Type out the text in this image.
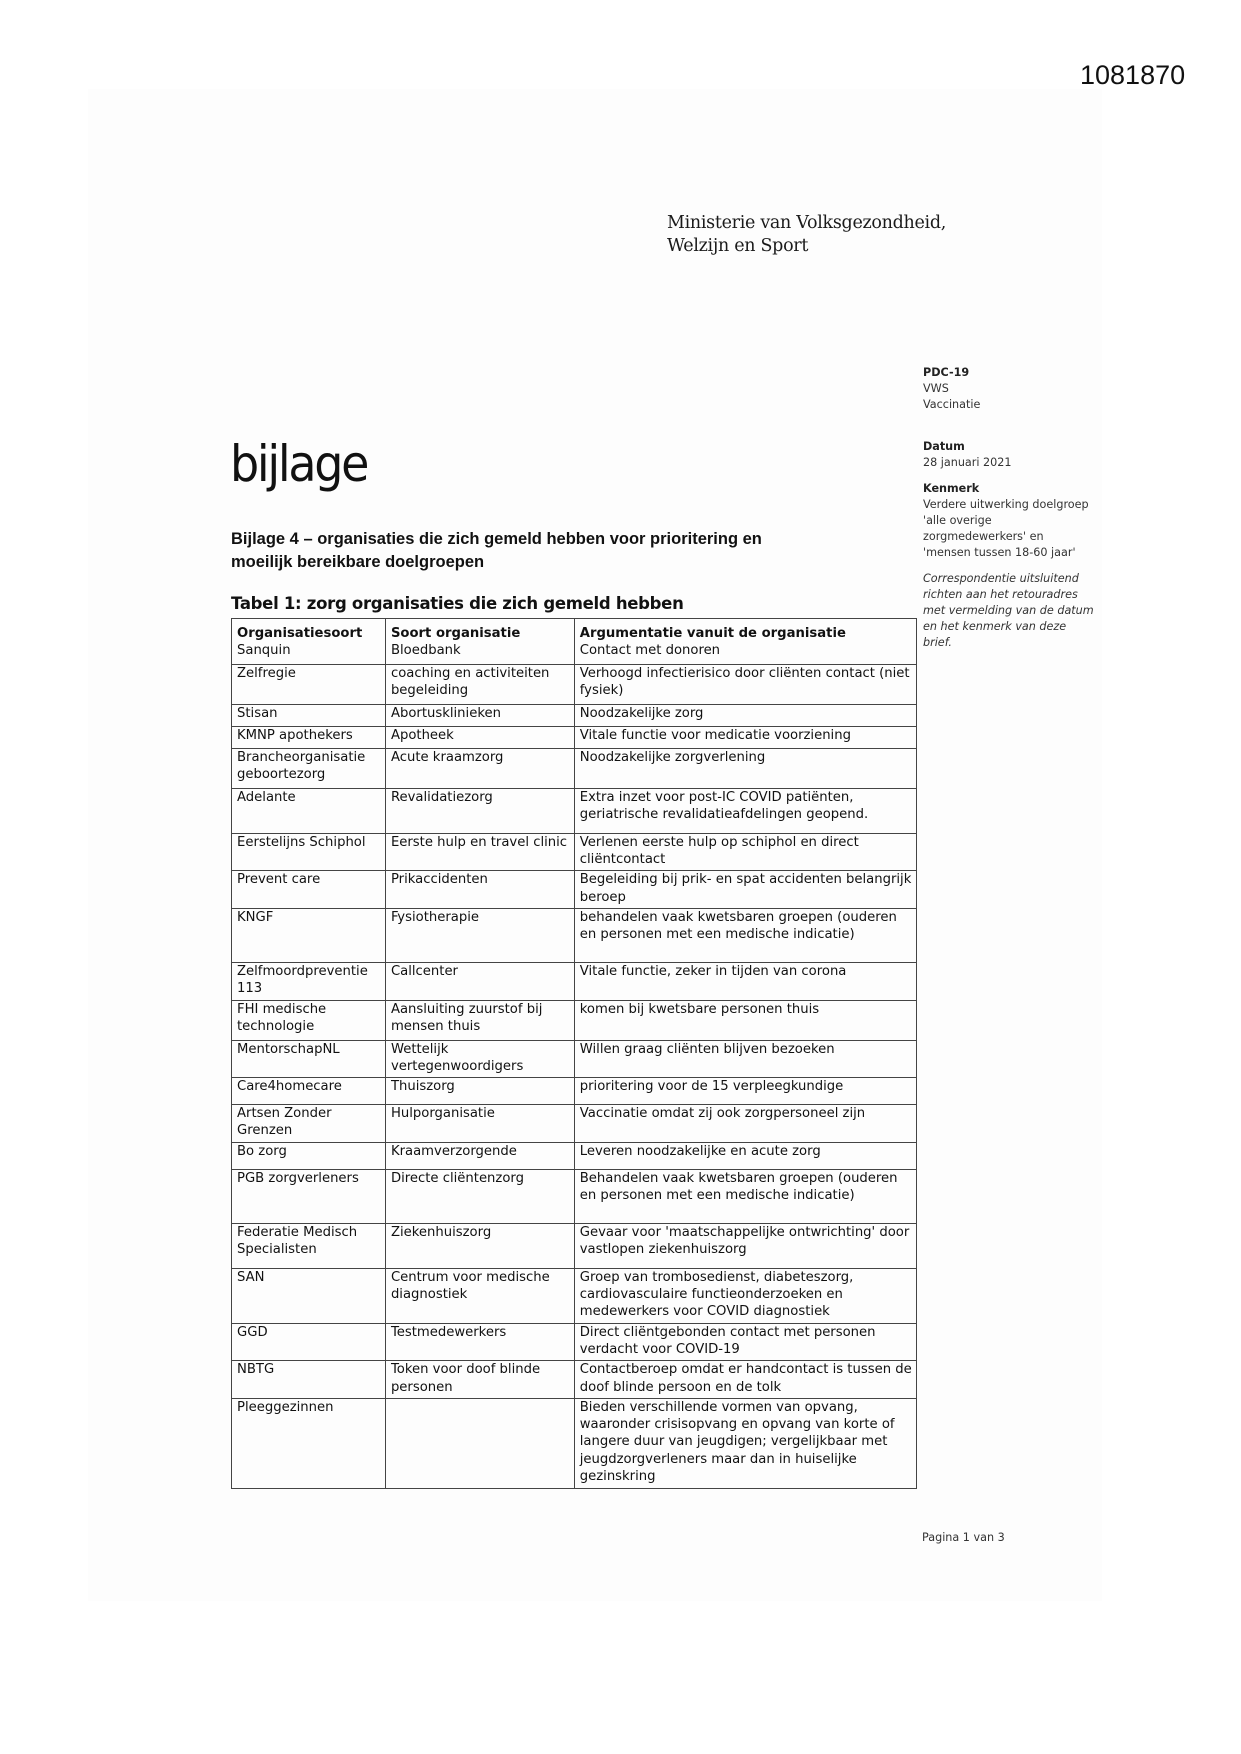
1081870
Ministerie van Volksgezondheid,
Welzijn en Sport
PDC-19
VWS
Vaccinatie
Datum
28 januari 2021
Kenmerk
Verdere uitwerking doelgroep
'alle overige
zorgmedewerkers' en
'mensen tussen 18-60 jaar'
Correspondentie uitsluitend
richten aan het retouradres
met vermelding van de datum
en het kenmerk van deze
brief.
bijlage
Bijlage 4 – organisaties die zich gemeld hebben voor prioritering en
moeilijk bereikbare doelgroepen
Tabel 1: zorg organisaties die zich gemeld hebben
Organisatiesoort	Soort organisatie	Argumentatie vanuit de organisatie
Sanquin	Bloedbank	Contact met donoren
Zelfregie	coaching en activiteiten begeleiding	Verhoogd infectierisico door cliënten contact (niet fysiek)
Stisan	Abortusklinieken	Noodzakelijke zorg
KMNP apothekers	Apotheek	Vitale functie voor medicatie voorziening
Brancheorganisatie geboortezorg	Acute kraamzorg	Noodzakelijke zorgverlening
Adelante	Revalidatiezorg	Extra inzet voor post-IC COVID patiënten, geriatrische revalidatieafdelingen geopend.
Eerstelijns Schiphol	Eerste hulp en travel clinic	Verlenen eerste hulp op schiphol en direct cliëntcontact
Prevent care	Prikaccidenten	Begeleiding bij prik- en spat accidenten belangrijk beroep
KNGF	Fysiotherapie	behandelen vaak kwetsbaren groepen (ouderen en personen met een medische indicatie)
Zelfmoordpreventie 113	Callcenter	Vitale functie, zeker in tijden van corona
FHI medische technologie	Aansluiting zuurstof bij mensen thuis	komen bij kwetsbare personen thuis
MentorschapNL	Wettelijk vertegenwoordigers	Willen graag cliënten blijven bezoeken
Care4homecare	Thuiszorg	prioritering voor de 15 verpleegkundige
Artsen Zonder Grenzen	Hulporganisatie	Vaccinatie omdat zij ook zorgpersoneel zijn
Bo zorg	Kraamverzorgende	Leveren noodzakelijke en acute zorg
PGB zorgverleners	Directe cliëntenzorg	Behandelen vaak kwetsbaren groepen (ouderen en personen met een medische indicatie)
Federatie Medisch Specialisten	Ziekenhuiszorg	Gevaar voor 'maatschappelijke ontwrichting' door vastlopen ziekenhuiszorg
SAN	Centrum voor medische diagnostiek	Groep van trombosedienst, diabeteszorg, cardiovasculaire functieonderzoeken en medewerkers voor COVID diagnostiek
GGD	Testmedewerkers	Direct cliëntgebonden contact met personen verdacht voor COVID-19
NBTG	Token voor doof blinde personen	Contactberoep omdat er handcontact is tussen de doof blinde persoon en de tolk
Pleeggezinnen		Bieden verschillende vormen van opvang, waaronder crisisopvang en opvang van korte of langere duur van jeugdigen; vergelijkbaar met jeugdzorgverleners maar dan in huiselijke gezinskring
Pagina 1 van 3
